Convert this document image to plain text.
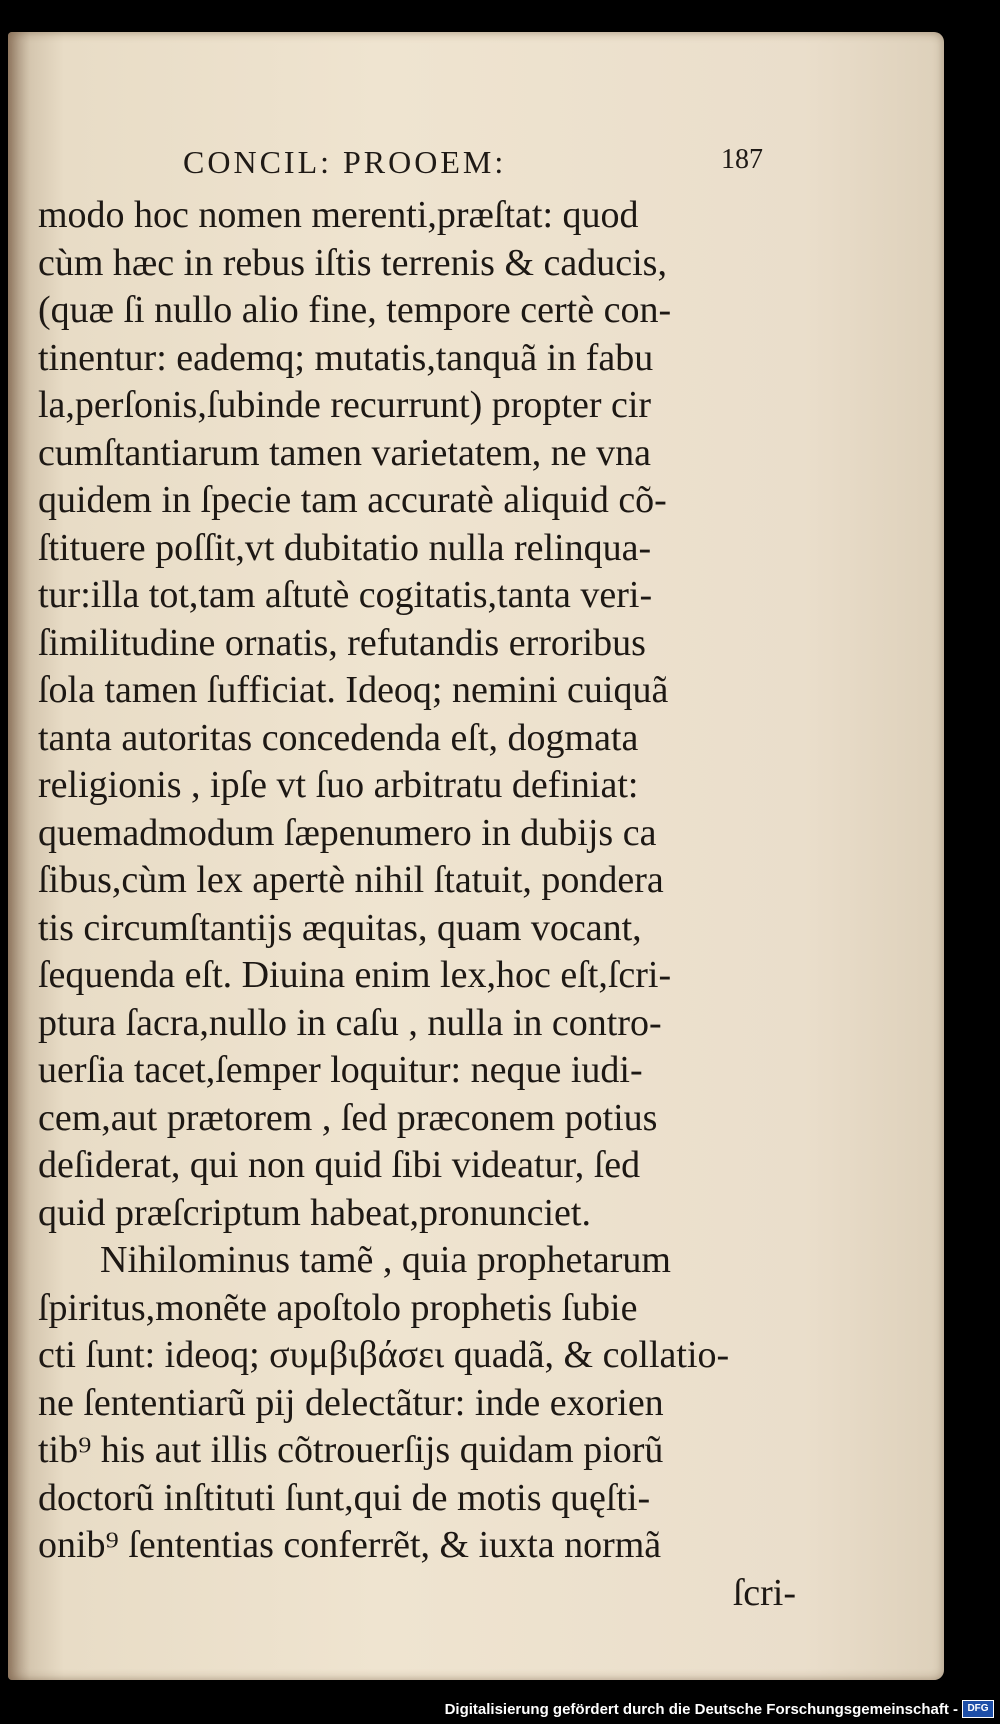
CONCIL: PROOEM:	187
modo hoc nomen merenti,præſtat: quod
cùm hæc in rebus iſtis terrenis & caducis,
(quæ ſi nullo alio fine, tempore certè con-
tinentur: eademq; mutatis,tanquã in fabu
la,perſonis,ſubinde recurrunt) propter cir
cumſtantiarum tamen varietatem, ne vna
quidem in ſpecie tam accuratè aliquid cõ-
ſtituere poſſit,vt dubitatio nulla relinqua-
tur:illa tot,tam aſtutè cogitatis,tanta veri-
ſimilitudine ornatis, refutandis erroribus
ſola tamen ſufficiat. Ideoq; nemini cuiquã
tanta autoritas concedenda eſt, dogmata
religionis , ipſe vt ſuo arbitratu definiat:
quemadmodum ſæpenumero in dubijs ca
ſibus,cùm lex apertè nihil ſtatuit, pondera
tis circumſtantijs æquitas, quam vocant,
ſequenda eſt. Diuina enim lex,hoc eſt,ſcri-
ptura ſacra,nullo in caſu , nulla in contro-
uerſia tacet,ſemper loquitur: neque iudi-
cem,aut prætorem , ſed præconem potius
deſiderat, qui non quid ſibi videatur, ſed
quid præſcriptum habeat,pronunciet.
Nihilominus tamẽ , quia prophetarum
ſpiritus,monẽte apoſtolo prophetis ſubie
cti ſunt: ideoq; συμβιβάσει quadã, & collatio-
ne ſententiarũ pij delectãtur: inde exorien
tib⁹ his aut illis cõtrouerſijs quidam piorũ
doctorũ inſtituti ſunt,qui de motis quęſti-
onib⁹ ſententias conferrẽt, & iuxta normã
ſcri-
Digitalisierung gefördert durch die Deutsche Forschungsgemeinschaft - DFG
